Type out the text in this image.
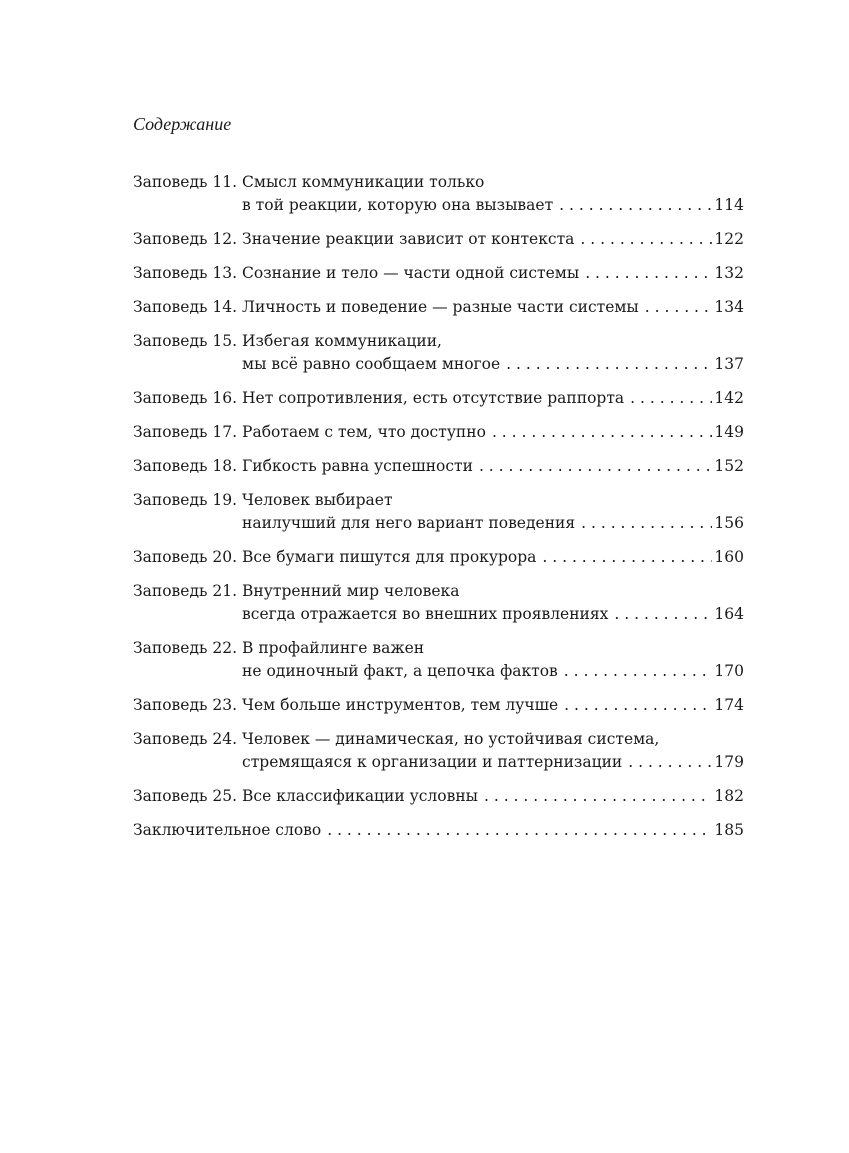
Содержание
Заповедь 11. Смысл коммуникации только
в той реакции, которую она вызывает . . .	114
Заповедь 12. Значение реакции зависит от контекста . . .	122
Заповедь 13. Сознание и тело — части одной системы . . .	132
Заповедь 14. Личность и поведение — разные части системы . . .	134
Заповедь 15. Избегая коммуникации,
мы всё равно сообщаем многое . . .	137
Заповедь 16. Нет сопротивления, есть отсутствие раппорта . . .	142
Заповедь 17. Работаем с тем, что доступно . . .	149
Заповедь 18. Гибкость равна успешности . . .	152
Заповедь 19. Человек выбирает
наилучший для него вариант поведения . . .	156
Заповедь 20. Все бумаги пишутся для прокурора . . .	160
Заповедь 21. Внутренний мир человека
всегда отражается во внешних проявлениях . . .	164
Заповедь 22. В профайлинге важен
не одиночный факт, а цепочка фактов . . .	170
Заповедь 23. Чем больше инструментов, тем лучше . . .	174
Заповедь 24. Человек — динамическая, но устойчивая система,
стремящаяся к организации и паттернизации . . .	179
Заповедь 25. Все классификации условны . . .	182
Заключительное слово . . .	185
